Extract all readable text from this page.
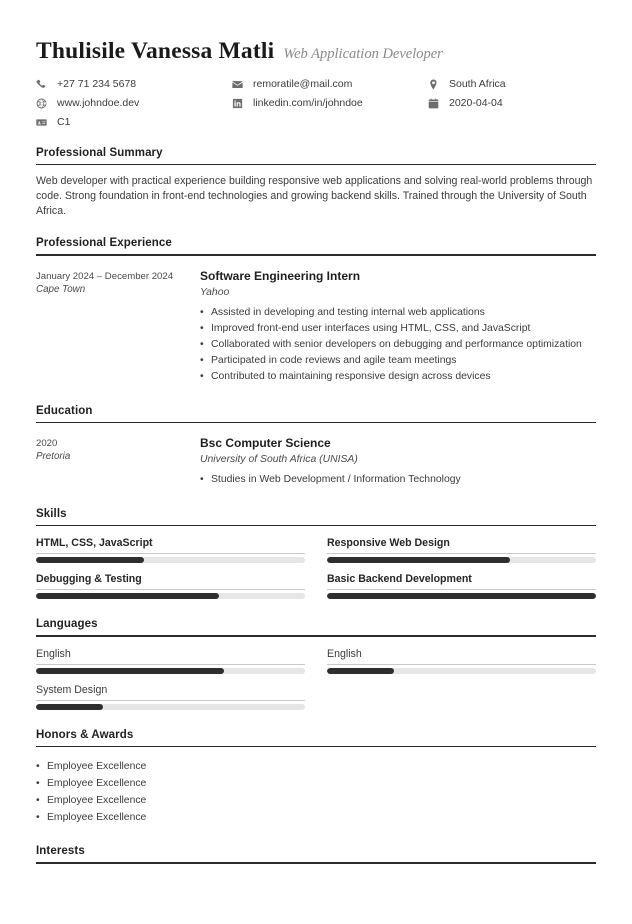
Thulisile Vanessa Matli Web Application Developer
+27 71 234 5678	remoratile@mail.com	South Africa
www.johndoe.dev	linkedin.com/in/johndoe	2020-04-04
C1
Professional Summary
Web developer with practical experience building responsive web applications and solving real-world problems through code. Strong foundation in front-end technologies and growing backend skills. Trained through the University of South Africa.
Professional Experience
January 2024 – December 2024
Cape Town
Software Engineering Intern
Yahoo
• Assisted in developing and testing internal web applications
• Improved front-end user interfaces using HTML, CSS, and JavaScript
• Collaborated with senior developers on debugging and performance optimization
• Participated in code reviews and agile team meetings
• Contributed to maintaining responsive design across devices
Education
2020
Pretoria
Bsc Computer Science
University of South Africa (UNISA)
• Studies in Web Development / Information Technology
Skills
HTML, CSS, JavaScript	Responsive Web Design
Debugging & Testing	Basic Backend Development
Languages
English	English
System Design
Honors & Awards
• Employee Excellence
• Employee Excellence
• Employee Excellence
• Employee Excellence
Interests
